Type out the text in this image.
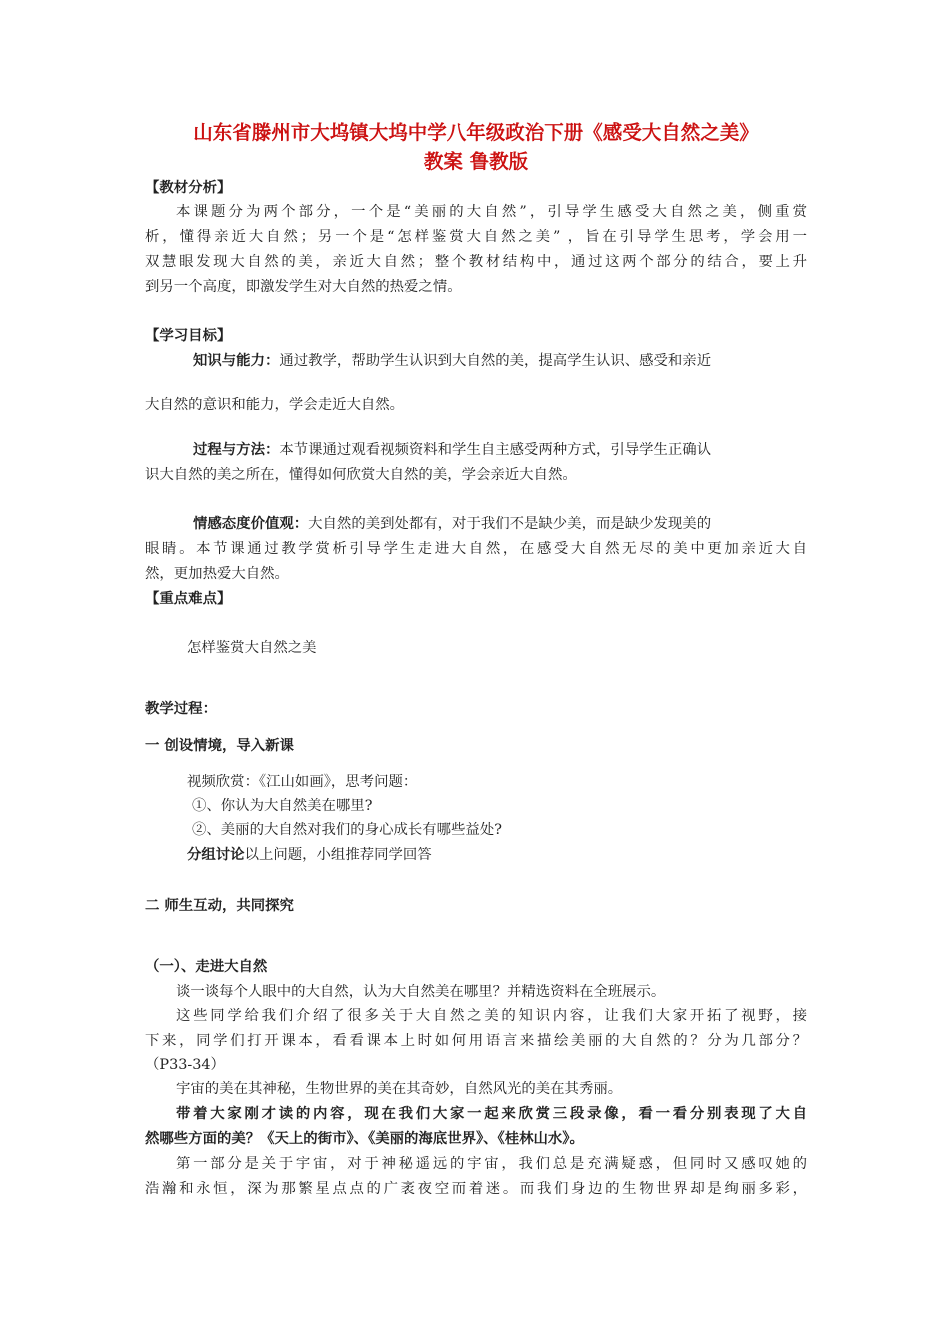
山东省滕州市大坞镇大坞中学八年级政治下册《感受大自然之美》
教案 鲁教版
【教材分析】
本课题分为两个部分，一个是“美丽的大自然”，引导学生感受大自然之美，侧重赏
析，懂得亲近大自然；另一个是“怎样鉴赏大自然之美” ，旨在引导学生思考，学会用一
双慧眼发现大自然的美，亲近大自然；整个教材结构中，通过这两个部分的结合，要上升
到另一个高度，即激发学生对大自然的热爱之情。
【学习目标】
知识与能力：通过教学，帮助学生认识到大自然的美，提高学生认识、感受和亲近
大自然的意识和能力，学会走近大自然。
过程与方法：本节课通过观看视频资料和学生自主感受两种方式，引导学生正确认
识大自然的美之所在，懂得如何欣赏大自然的美，学会亲近大自然。
情感态度价值观：大自然的美到处都有，对于我们不是缺少美，而是缺少发现美的
眼睛。本节课通过教学赏析引导学生走进大自然，在感受大自然无尽的美中更加亲近大自
然，更加热爱大自然。
【重点难点】
怎样鉴赏大自然之美
教学过程：
一 创设情境，导入新课
视频欣赏：《江山如画》，思考问题：
①、你认为大自然美在哪里?
②、美丽的大自然对我们的身心成长有哪些益处?
分组讨论以上问题，小组推荐同学回答
二 师生互动，共同探究
（一）、走进大自然
谈一谈每个人眼中的大自然，认为大自然美在哪里？并精选资料在全班展示。
这些同学给我们介绍了很多关于大自然之美的知识内容，让我们大家开拓了视野，接
下来，同学们打开课本，看看课本上时如何用语言来描绘美丽的大自然的？分为几部分？
（P33-34）
宇宙的美在其神秘，生物世界的美在其奇妙，自然风光的美在其秀丽。
带着大家刚才读的内容，现在我们大家一起来欣赏三段录像，看一看分别表现了大自
然哪些方面的美？《天上的街市》、《美丽的海底世界》、《桂林山水》。
第一部分是关于宇宙，对于神秘遥远的宇宙，我们总是充满疑惑，但同时又感叹她的
浩瀚和永恒，深为那繁星点点的广袤夜空而着迷。而我们身边的生物世界却是绚丽多彩，
